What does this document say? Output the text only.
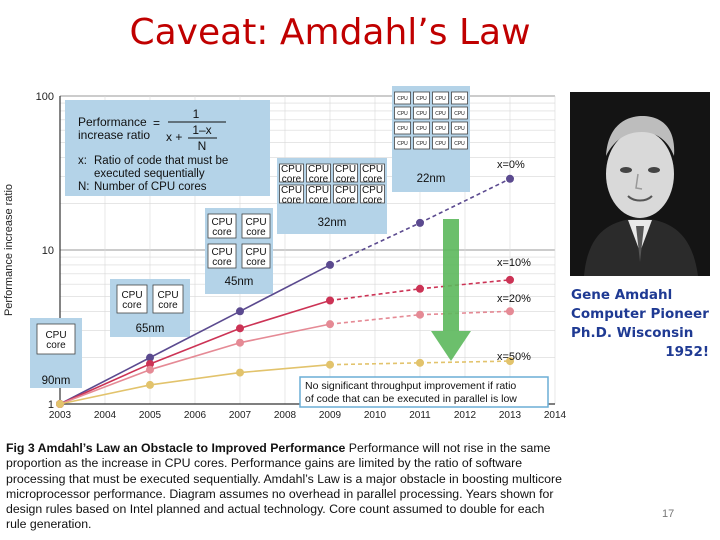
Caveat: Amdahl’s Law
1
10
100
2003 2004 2005 2006 2007 2008 2009 2010 2011 2012 2013 2014
Performance increase ratio
Performance
increase ratio
=
1
x + 1–x
N
x: Ratio of code that must be
executed sequentially
N: Number of CPU cores
CPU
core
90nm
CPU
core
CPU
core
65nm
CPU
core
CPU
core
CPU
core
CPU
core
45nm
CPU
core
CPU
core
CPU
core
CPU
core
CPU
core
CPU
core
CPU
core
CPU
core
32nm
CPU CPU CPU CPU
CPU CPU CPU CPU
CPU CPU CPU CPU
CPU CPU CPU CPU
22nm
x=0%
x=10%
x=20%
x=50%
No significant throughput improvement if ratio
of code that can be executed in parallel is low
Gene Amdahl
Computer Pioneer
Ph.D. Wisconsin
1952!
Fig 3 Amdahl’s Law an Obstacle to Improved Performance Performance will not rise in the same proportion as the increase in CPU cores. Performance gains are limited by the ratio of software processing that must be executed sequentially. Amdahl’s Law is a major obstacle in boosting multicore microprocessor performance. Diagram assumes no overhead in parallel processing. Years shown for design rules based on Intel planned and actual technology. Core count assumed to double for each rule generation.
17
